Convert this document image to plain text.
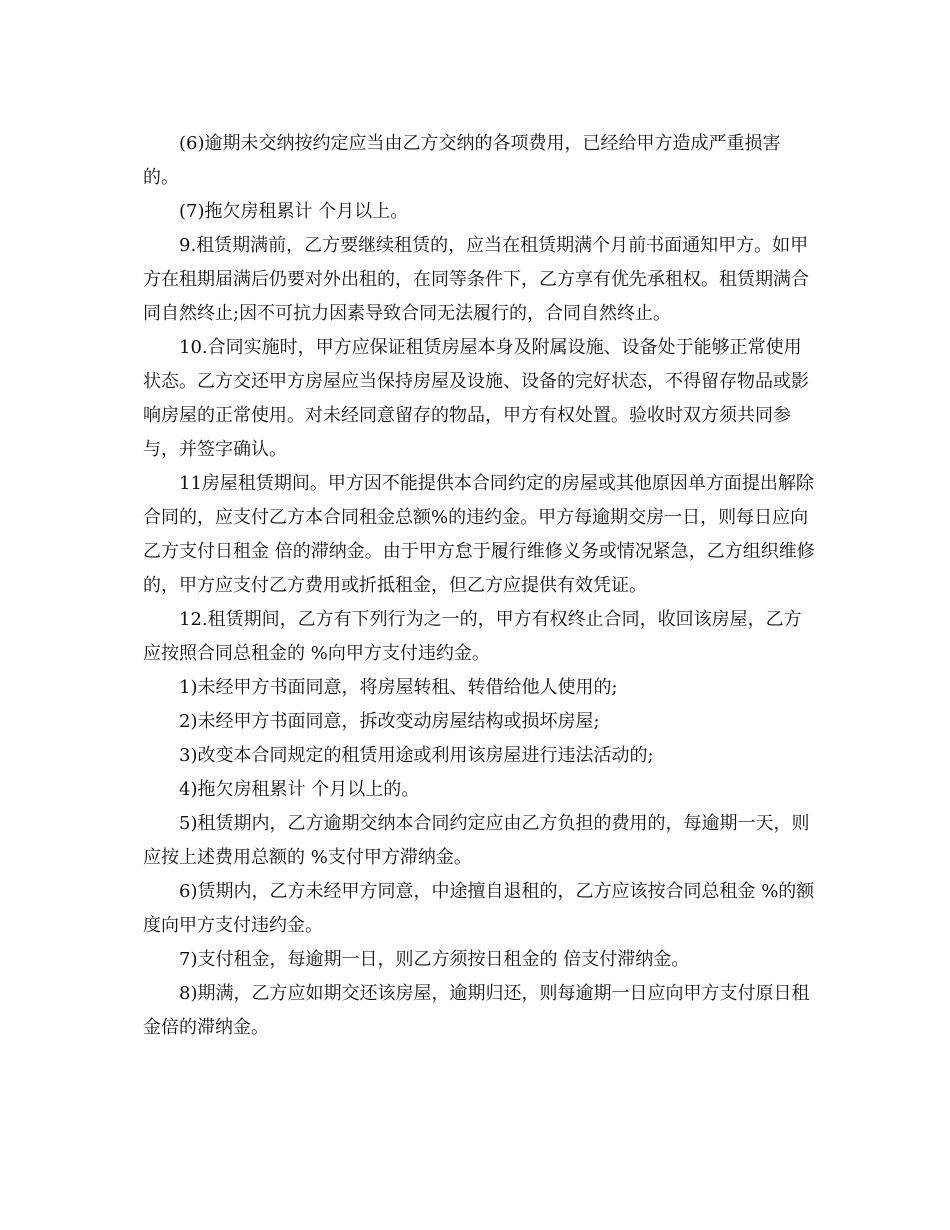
(6)逾期未交纳按约定应当由乙方交纳的各项费用，已经给甲方造成严重损害的。

(7)拖欠房租累计 个月以上。

9.租赁期满前，乙方要继续租赁的，应当在租赁期满个月前书面通知甲方。如甲方在租期届满后仍要对外出租的，在同等条件下，乙方享有优先承租权。租赁期满合同自然终止;因不可抗力因素导致合同无法履行的，合同自然终止。

10.合同实施时，甲方应保证租赁房屋本身及附属设施、设备处于能够正常使用状态。乙方交还甲方房屋应当保持房屋及设施、设备的完好状态，不得留存物品或影响房屋的正常使用。对未经同意留存的物品，甲方有权处置。验收时双方须共同参与，并签字确认。

11房屋租赁期间。甲方因不能提供本合同约定的房屋或其他原因单方面提出解除合同的，应支付乙方本合同租金总额%的违约金。甲方每逾期交房一日，则每日应向乙方支付日租金 倍的滞纳金。由于甲方怠于履行维修义务或情况紧急，乙方组织维修的，甲方应支付乙方费用或折抵租金，但乙方应提供有效凭证。

12.租赁期间，乙方有下列行为之一的，甲方有权终止合同，收回该房屋，乙方应按照合同总租金的 %向甲方支付违约金。

1)未经甲方书面同意，将房屋转租、转借给他人使用的;

2)未经甲方书面同意，拆改变动房屋结构或损坏房屋;

3)改变本合同规定的租赁用途或利用该房屋进行违法活动的;

4)拖欠房租累计 个月以上的。

5)租赁期内，乙方逾期交纳本合同约定应由乙方负担的费用的，每逾期一天，则应按上述费用总额的 %支付甲方滞纳金。

6)赁期内，乙方未经甲方同意，中途擅自退租的，乙方应该按合同总租金 %的额度向甲方支付违约金。

7)支付租金，每逾期一日，则乙方须按日租金的 倍支付滞纳金。

8)期满，乙方应如期交还该房屋，逾期归还，则每逾期一日应向甲方支付原日租金倍的滞纳金。
